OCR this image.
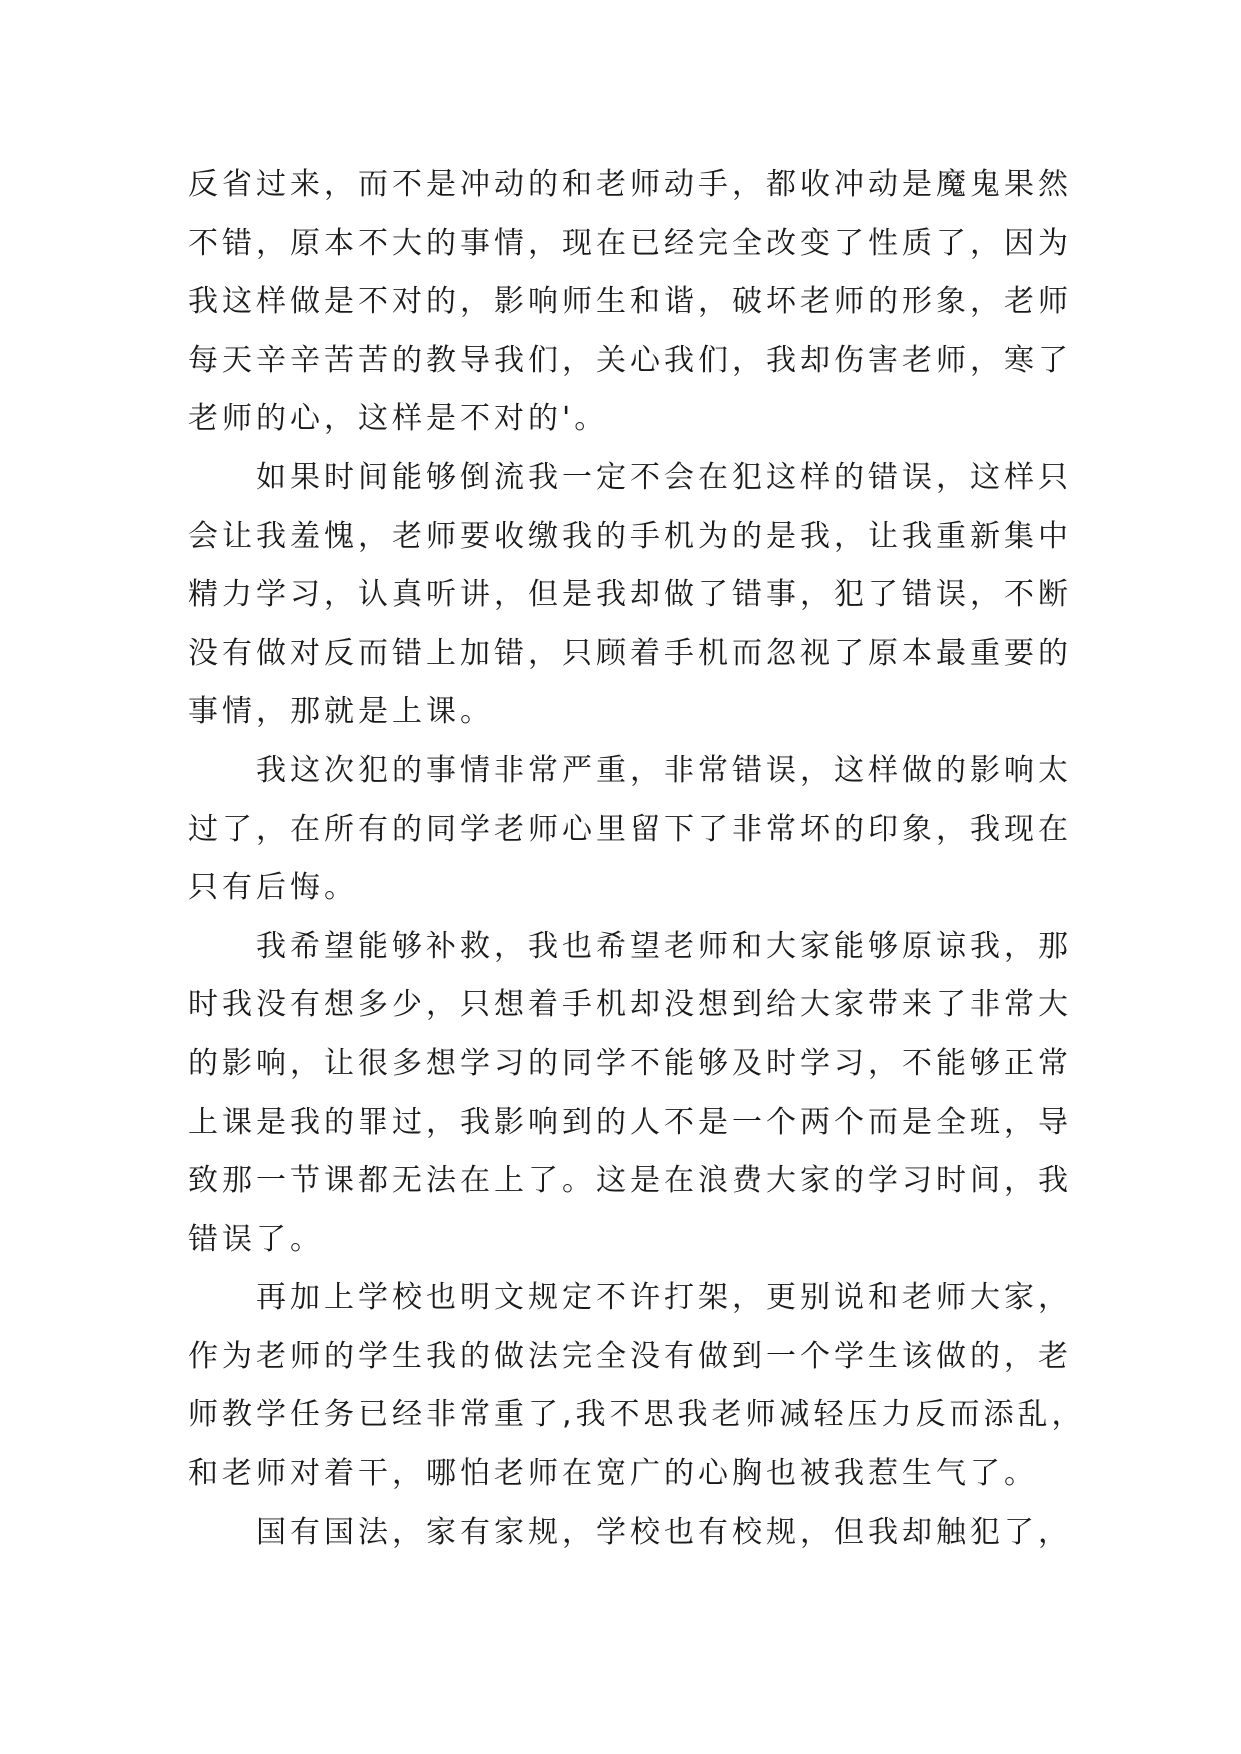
反省过来，而不是冲动的和老师动手，都收冲动是魔鬼果然
不错，原本不大的事情，现在已经完全改变了性质了，因为
我这样做是不对的，影响师生和谐，破坏老师的形象，老师
每天辛辛苦苦的教导我们，关心我们，我却伤害老师，寒了
老师的心，这样是不对的'。

如果时间能够倒流我一定不会在犯这样的错误，这样只
会让我羞愧，老师要收缴我的手机为的是我，让我重新集中
精力学习，认真听讲，但是我却做了错事，犯了错误，不断
没有做对反而错上加错，只顾着手机而忽视了原本最重要的
事情，那就是上课。

我这次犯的事情非常严重，非常错误，这样做的影响太
过了，在所有的同学老师心里留下了非常坏的印象，我现在
只有后悔。

我希望能够补救，我也希望老师和大家能够原谅我，那
时我没有想多少，只想着手机却没想到给大家带来了非常大
的影响，让很多想学习的同学不能够及时学习，不能够正常
上课是我的罪过，我影响到的人不是一个两个而是全班，导
致那一节课都无法在上了。这是在浪费大家的学习时间，我
错误了。

再加上学校也明文规定不许打架，更别说和老师大家，
作为老师的学生我的做法完全没有做到一个学生该做的，老
师教学任务已经非常重了,我不思我老师减轻压力反而添乱，
和老师对着干，哪怕老师在宽广的心胸也被我惹生气了。

国有国法，家有家规，学校也有校规，但我却触犯了，
